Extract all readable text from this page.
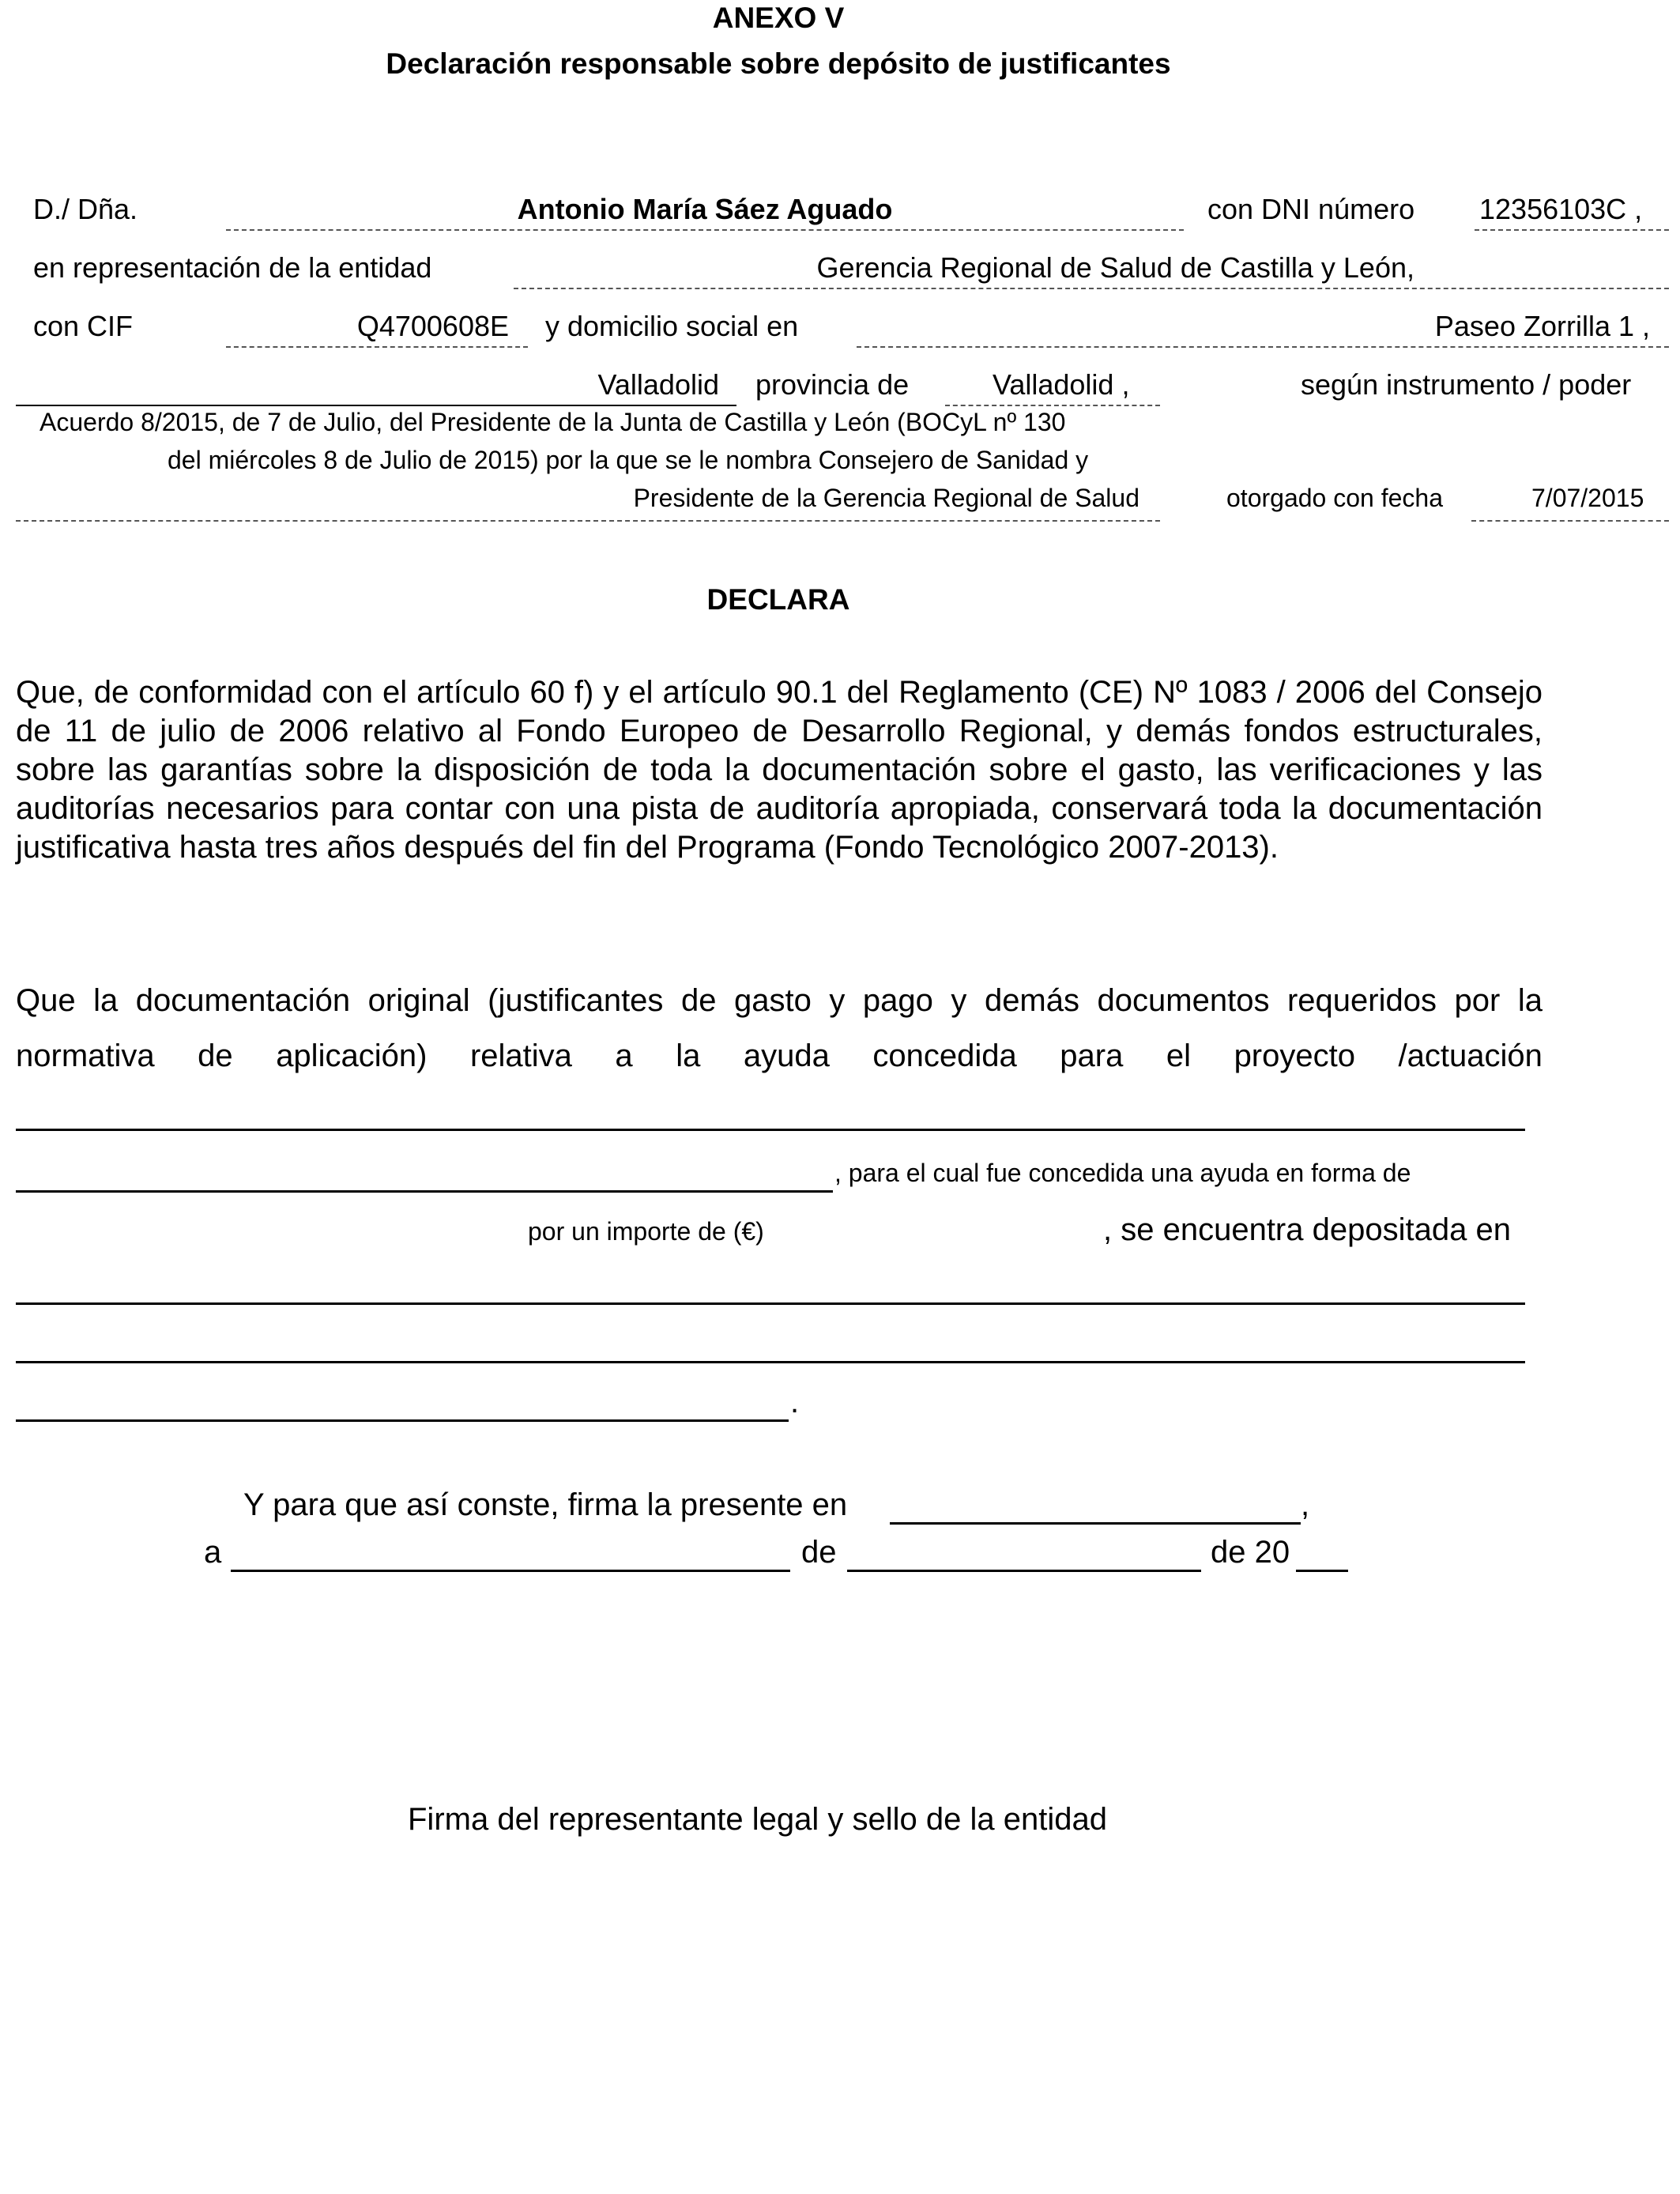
ANEXO V
Declaración responsable sobre depósito de justificantes
D./ Dña.	Antonio María Sáez Aguado	con DNI número 12356103C ,
en representación de la entidad	Gerencia Regional de Salud de Castilla y León,
con CIF	Q4700608E y domicilio social en	Paseo Zorrilla 1 ,
Valladolid provincia de	Valladolid ,	según instrumento / poder
Acuerdo 8/2015, de 7 de Julio, del Presidente de la Junta de Castilla y León (BOCyL nº 130
del miércoles 8 de Julio de 2015) por la que se le nombra Consejero de Sanidad y
Presidente de la Gerencia Regional de Salud	otorgado con fecha	7/07/2015
DECLARA
Que, de conformidad con el artículo 60 f) y el artículo 90.1 del Reglamento (CE) Nº 1083 / 2006 del Consejo de 11 de julio de 2006 relativo al Fondo Europeo de Desarrollo Regional, y demás fondos estructurales, sobre las garantías sobre la disposición de toda la documentación sobre el gasto, las verificaciones y las auditorías necesarios para contar con una pista de auditoría apropiada, conservará toda la documentación justificativa hasta tres años después del fin del Programa (Fondo Tecnológico 2007-2013).
Que la documentación original (justificantes de gasto y pago y demás documentos requeridos por la
normativa de aplicación) relativa a la ayuda concedida para el proyecto /actuación
, para el cual fue concedida una ayuda en forma de
por un importe de (€)	, se encuentra depositada en
.
Y para que así conste, firma la presente en	,
a	de	de 20
Firma del representante legal y sello de la entidad
